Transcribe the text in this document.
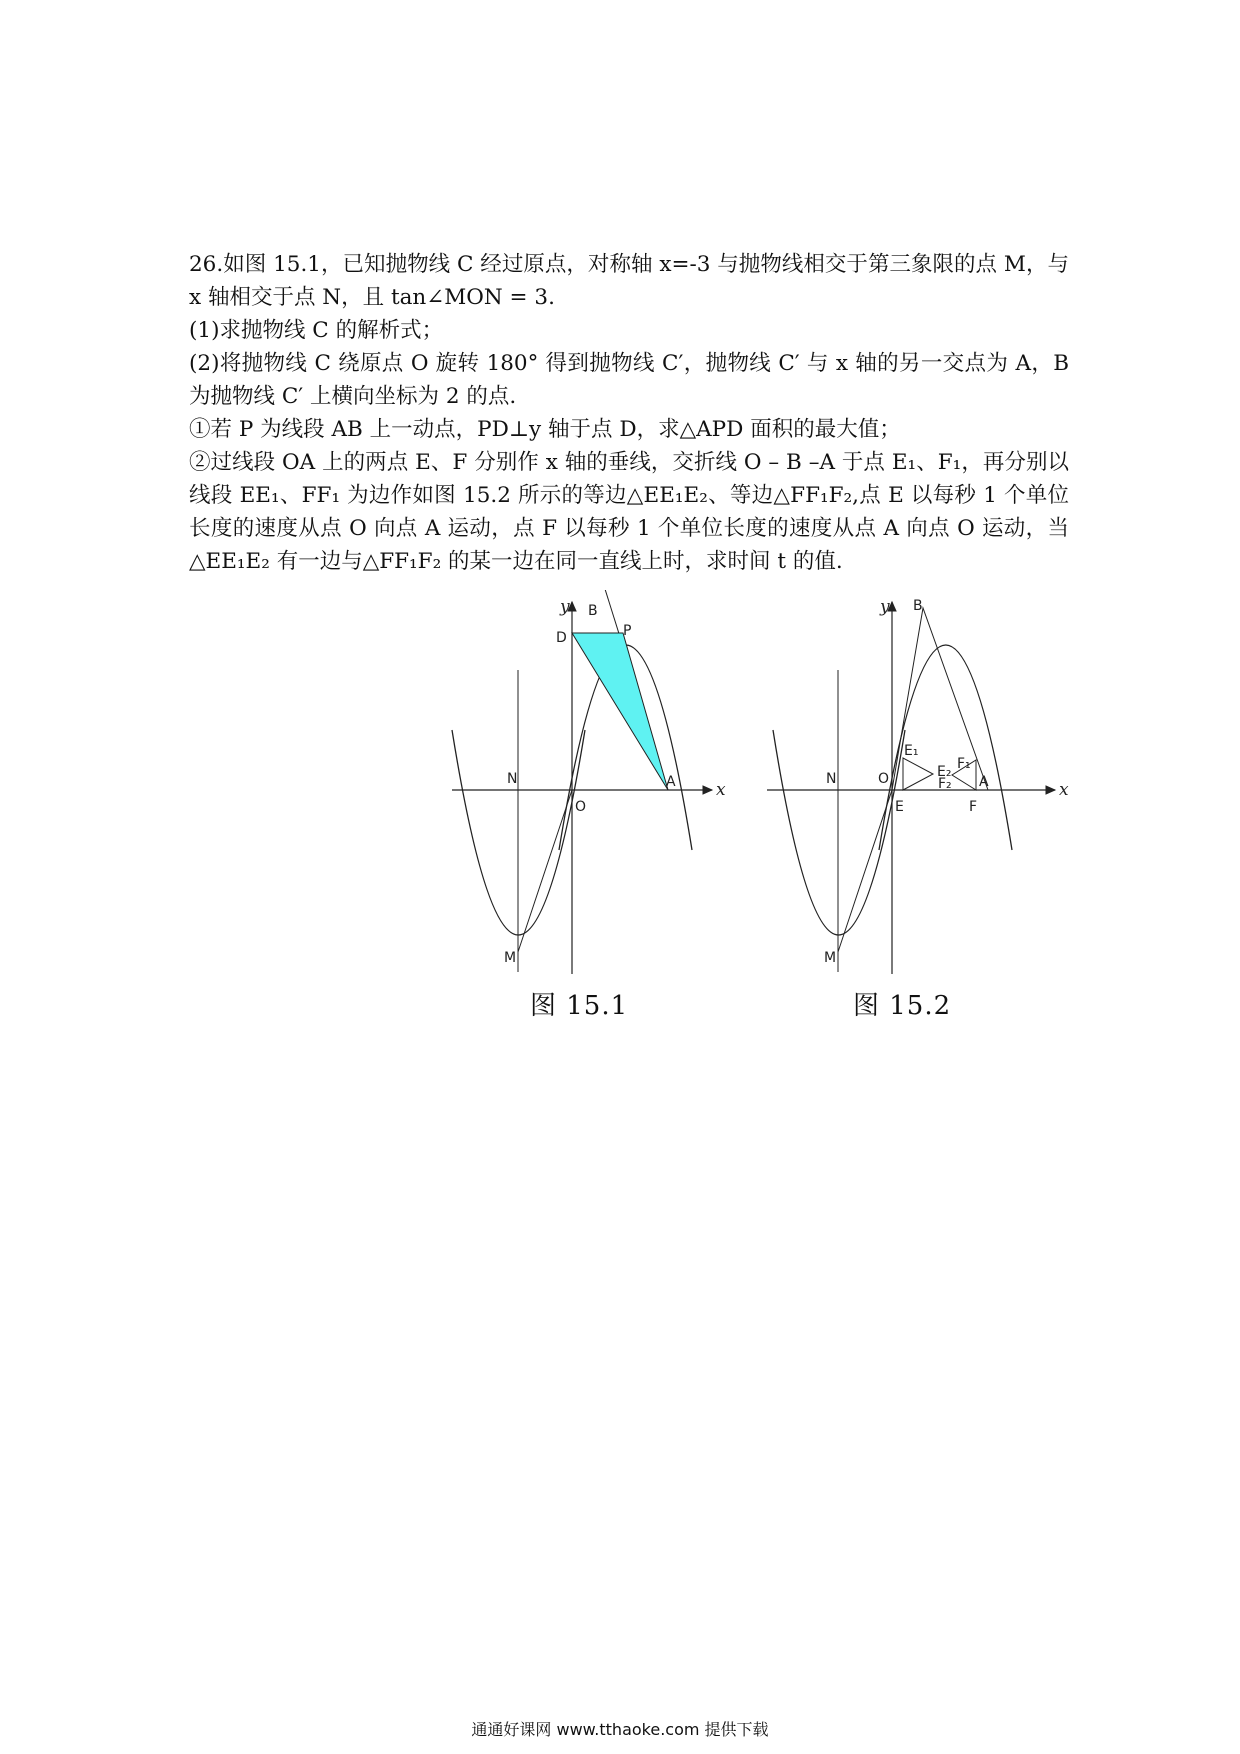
26.如图 15.1，已知抛物线 C 经过原点，对称轴 x=-3 与抛物线相交于第三象限的点 M，与 x 轴相交于点 N，且 tan∠MON = 3.

(1)求抛物线 C 的解析式；

(2)将抛物线 C 绕原点 O 旋转 180° 得到抛物线 C′，抛物线 C′ 与 x 轴的另一交点为 A，B 为抛物线 C′ 上横向坐标为 2 的点.

①若 P 为线段 AB 上一动点，PD⊥y 轴于点 D，求△APD 面积的最大值；

②过线段 OA 上的两点 E、F 分别作 x 轴的垂线，交折线 O – B –A 于点 E₁、F₁，再分别以线段 EE₁、FF₁ 为边作如图 15.2 所示的等边△EE₁E₂、等边△FF₁F₂,点 E 以每秒 1 个单位长度的速度从点 O 向点 A 运动，点 F 以每秒 1 个单位长度的速度从点 A 向点 O 运动，当△EE₁E₂ 有一边与△FF₁F₂ 的某一边在同一直线上时，求时间 t 的值.

y
x
B
D	P
N
O
A
M
图 15.1
y
x
B
E₁
E₂ F₁
F₂
N	O
E	F
A
M
图 15.2
通通好课网 www.tthaoke.com 提供下载
